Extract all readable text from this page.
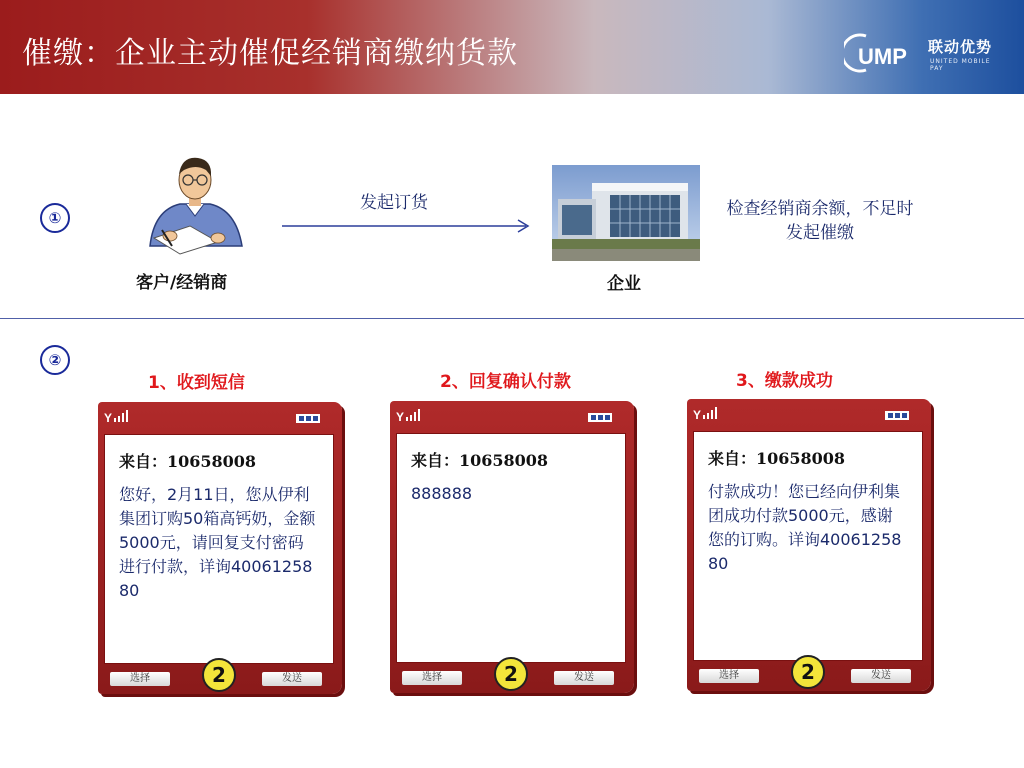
催缴：企业主动催促经销商缴纳货款	UMP 联动优势
UNITED MOBILE PAY
①
客户/经销商
发起订货
企业
检查经销商余额，不足时发起催缴
②
1、收到短信	2、回复确认付款	3、缴款成功
Y
来自：10658008
您好，2月11日，您从伊利集团订购50箱高钙奶，金额5000元，请回复支付密码进行付款，详询4006125880
选择	2	发送
Y
来自：10658008
888888
选择	2	发送
Y
来自：10658008
付款成功！您已经向伊利集团成功付款5000元，感谢您的订购。详询4006125880
选择	2	发送
